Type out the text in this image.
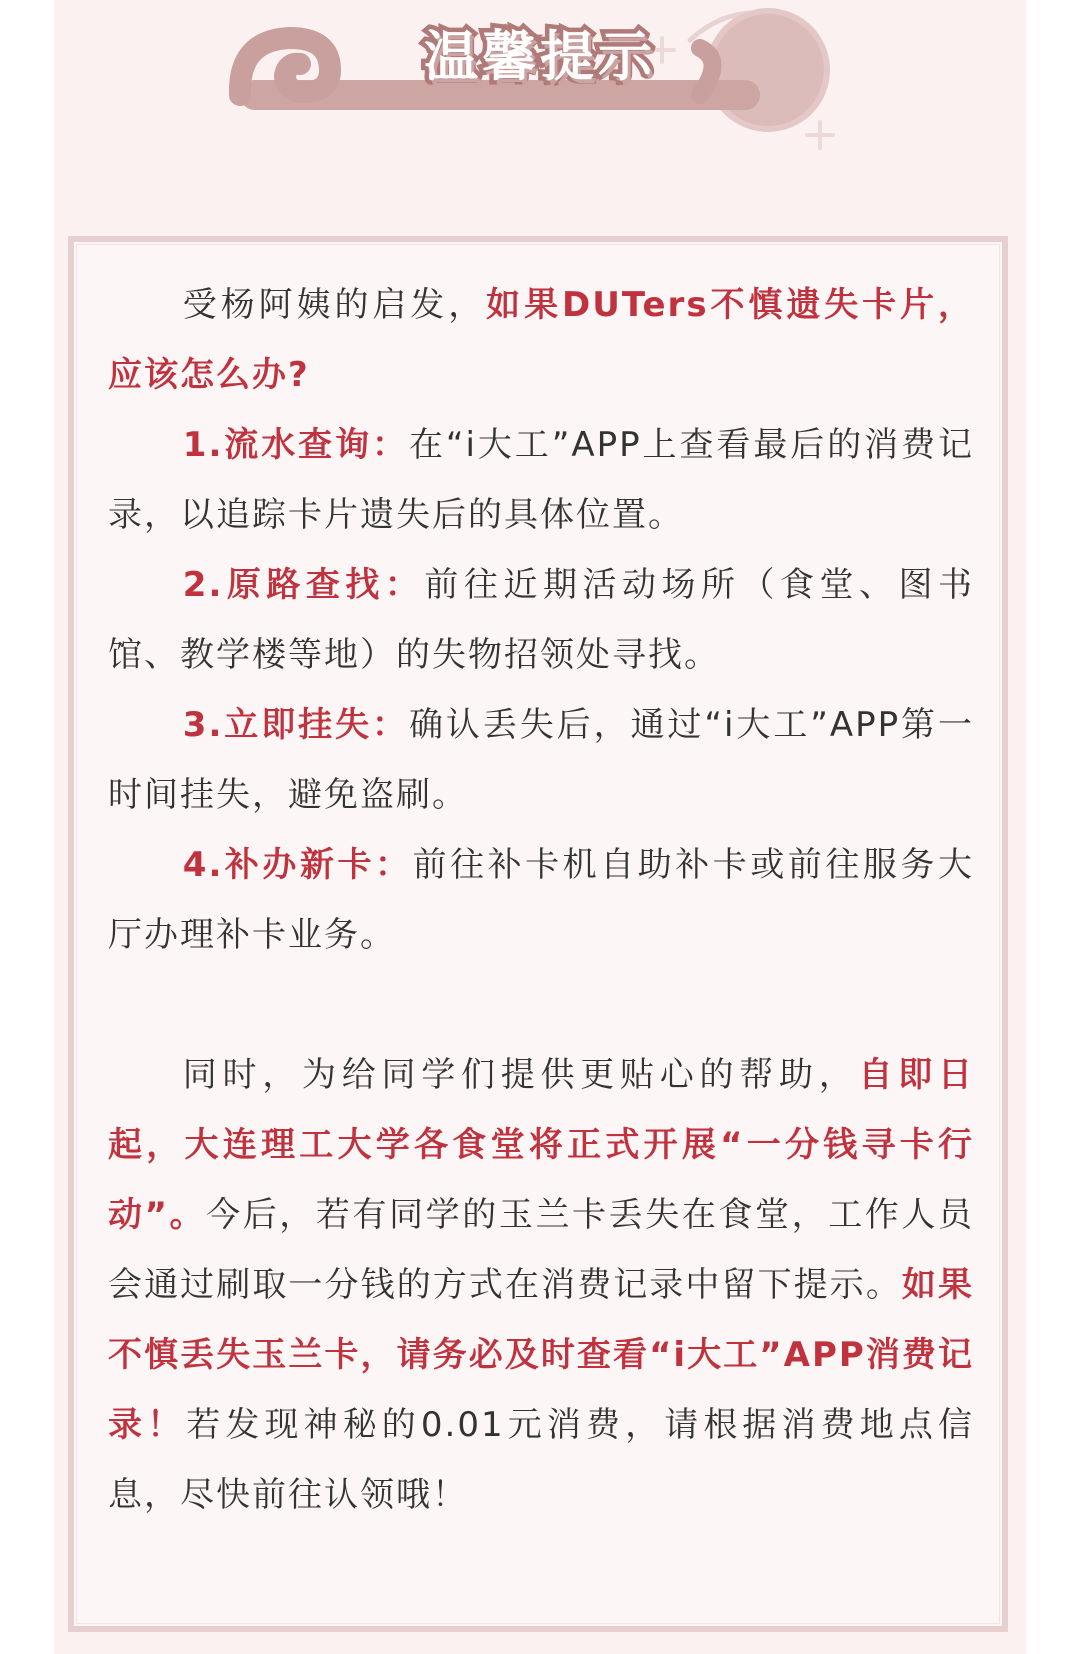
温馨提示

受杨阿姨的启发，如果DUTers不慎遗失卡片，应该怎么办?

1.流水查询：在“i大工”APP上查看最后的消费记录，以追踪卡片遗失后的具体位置。

2.原路查找：前往近期活动场所（食堂、图书馆、教学楼等地）的失物招领处寻找。

3.立即挂失：确认丢失后，通过“i大工”APP第一时间挂失，避免盗刷。

4.补办新卡：前往补卡机自助补卡或前往服务大厅办理补卡业务。

同时，为给同学们提供更贴心的帮助，自即日起，大连理工大学各食堂将正式开展“一分钱寻卡行动”。今后，若有同学的玉兰卡丢失在食堂，工作人员会通过刷取一分钱的方式在消费记录中留下提示。如果不慎丢失玉兰卡，请务必及时查看“i大工”APP消费记录！若发现神秘的0.01元消费，请根据消费地点信息，尽快前往认领哦！
